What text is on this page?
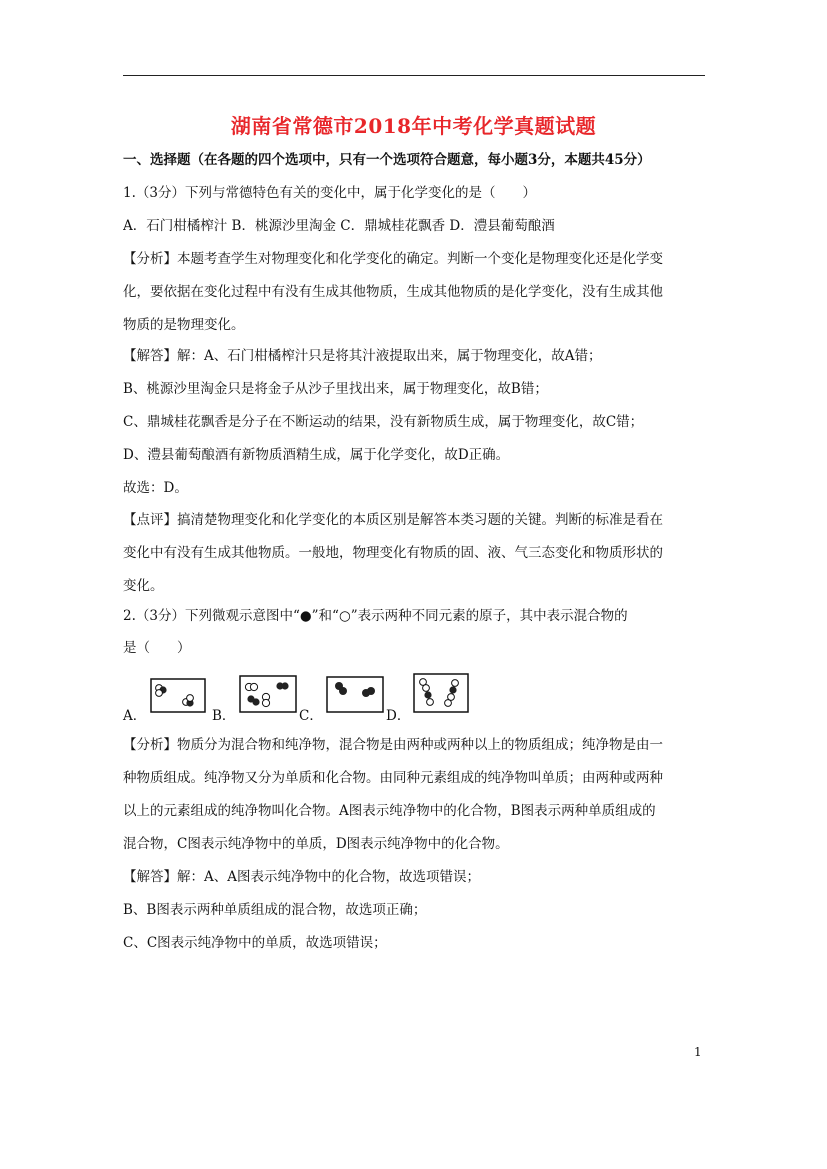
湖南省常德市2018年中考化学真题试题
一、选择题（在各题的四个选项中，只有一个选项符合题意，每小题3分，本题共45分）
1.（3分）下列与常德特色有关的变化中，属于化学变化的是（　　）
A．石门柑橘榨汁 B．桃源沙里淘金 C．鼎城桂花飘香 D．澧县葡萄酿酒
【分析】本题考查学生对物理变化和化学变化的确定。判断一个变化是物理变化还是化学变
化，要依据在变化过程中有没有生成其他物质，生成其他物质的是化学变化，没有生成其他
物质的是物理变化。
【解答】解：A、石门柑橘榨汁只是将其汁液提取出来，属于物理变化，故A错；
B、桃源沙里淘金只是将金子从沙子里找出来，属于物理变化，故B错；
C、鼎城桂花飘香是分子在不断运动的结果，没有新物质生成，属于物理变化，故C错；
D、澧县葡萄酿酒有新物质酒精生成，属于化学变化，故D正确。
故选：D。
【点评】搞清楚物理变化和化学变化的本质区别是解答本类习题的关键。判断的标准是看在
变化中有没有生成其他物质。一般地，物理变化有物质的固、液、气三态变化和物质形状的
变化。
2.（3分）下列微观示意图中“●”和“○”表示两种不同元素的原子，其中表示混合物的
是（　　）
A．	B．	C．	D．
【分析】物质分为混合物和纯净物，混合物是由两种或两种以上的物质组成；纯净物是由一
种物质组成。纯净物又分为单质和化合物。由同种元素组成的纯净物叫单质；由两种或两种
以上的元素组成的纯净物叫化合物。A图表示纯净物中的化合物，B图表示两种单质组成的
混合物，C图表示纯净物中的单质，D图表示纯净物中的化合物。
【解答】解：A、A图表示纯净物中的化合物，故选项错误；
B、B图表示两种单质组成的混合物，故选项正确；
C、C图表示纯净物中的单质，故选项错误；
1
